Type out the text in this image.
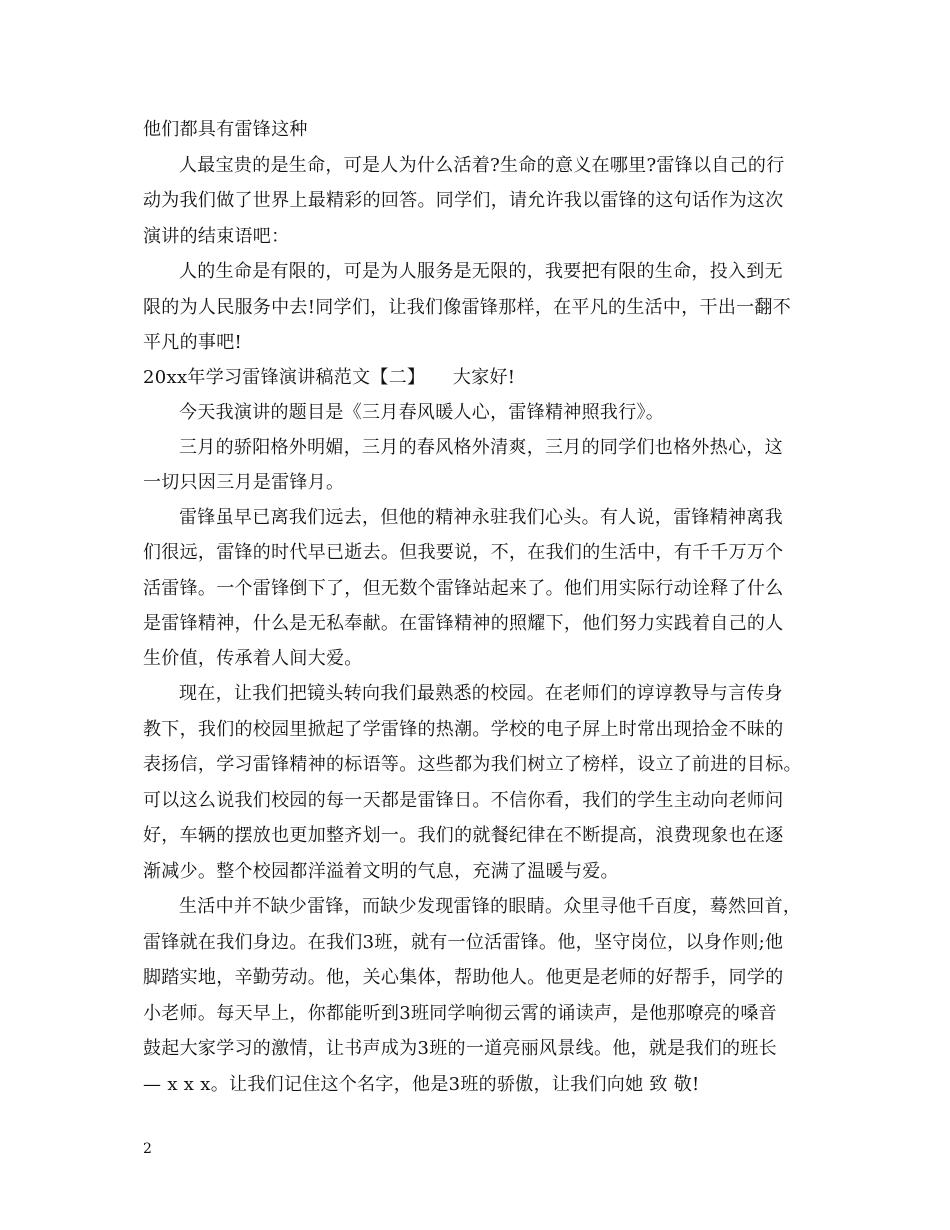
他们都具有雷锋这种
人最宝贵的是生命，可是人为什么活着?生命的意义在哪里?雷锋以自己的行
动为我们做了世界上最精彩的回答。同学们，请允许我以雷锋的这句话作为这次
演讲的结束语吧：
人的生命是有限的，可是为人服务是无限的，我要把有限的生命，投入到无
限的为人民服务中去!同学们，让我们像雷锋那样，在平凡的生活中，干出一翻不
平凡的事吧!
20xx年学习雷锋演讲稿范文【二】　　大家好!
今天我演讲的题目是《三月春风暖人心，雷锋精神照我行》。
三月的骄阳格外明媚，三月的春风格外清爽，三月的同学们也格外热心，这
一切只因三月是雷锋月。
雷锋虽早已离我们远去，但他的精神永驻我们心头。有人说，雷锋精神离我
们很远，雷锋的时代早已逝去。但我要说，不，在我们的生活中，有千千万万个
活雷锋。一个雷锋倒下了，但无数个雷锋站起来了。他们用实际行动诠释了什么
是雷锋精神，什么是无私奉献。在雷锋精神的照耀下，他们努力实践着自己的人
生价值，传承着人间大爱。
现在，让我们把镜头转向我们最熟悉的校园。在老师们的谆谆教导与言传身
教下，我们的校园里掀起了学雷锋的热潮。学校的电子屏上时常出现拾金不昧的
表扬信，学习雷锋精神的标语等。这些都为我们树立了榜样，设立了前进的目标。
可以这么说我们校园的每一天都是雷锋日。不信你看，我们的学生主动向老师问
好，车辆的摆放也更加整齐划一。我们的就餐纪律在不断提高，浪费现象也在逐
渐减少。整个校园都洋溢着文明的气息，充满了温暖与爱。
生活中并不缺少雷锋，而缺少发现雷锋的眼睛。众里寻他千百度，蓦然回首，
雷锋就在我们身边。在我们3班，就有一位活雷锋。他，坚守岗位，以身作则;他
脚踏实地，辛勤劳动。他，关心集体，帮助他人。他更是老师的好帮手，同学的
小老师。每天早上，你都能听到3班同学响彻云霄的诵读声，是他那嘹亮的嗓音
鼓起大家学习的激情，让书声成为3班的一道亮丽风景线。他，就是我们的班长
— x x x。让我们记住这个名字，他是3班的骄傲，让我们向她 致 敬!
2
